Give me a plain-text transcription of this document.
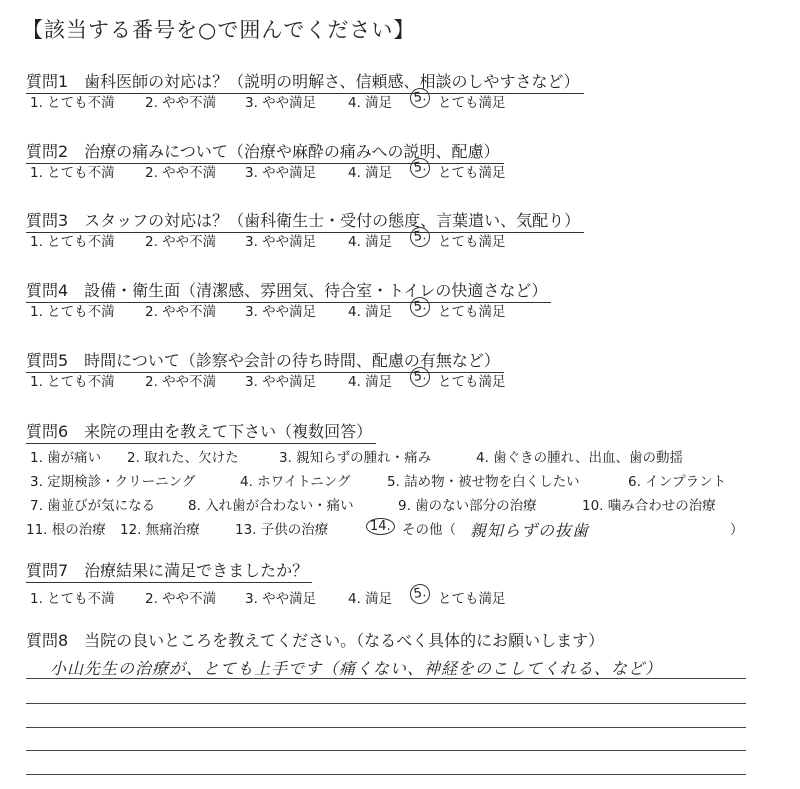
【該当する番号を○で囲んでください】
質問1　歯科医師の対応は？（説明の明解さ、信頼感、相談のしやすさなど）
1. とても不満 2. やや不満 3. やや満足 4. 満足	5. とても満足
質問2　治療の痛みについて（治療や麻酔の痛みへの説明、配慮）
1. とても不満 2. やや不満 3. やや満足 4. 満足	5. とても満足
質問3　スタッフの対応は？（歯科衛生士・受付の態度、言葉遣い、気配り）
1. とても不満 2. やや不満 3. やや満足 4. 満足	5. とても満足
質問4　設備・衛生面（清潔感、雰囲気、待合室・トイレの快適さなど）
1. とても不満 2. やや不満 3. やや満足 4. 満足	5. とても満足
質問5　時間について（診察や会計の待ち時間、配慮の有無など）
1. とても不満 2. やや不満 3. やや満足 4. 満足	5. とても満足
質問6　来院の理由を教えて下さい（複数回答）
1. 歯が痛い 2. 取れた、欠けた	3. 親知らずの腫れ・痛み	4. 歯ぐきの腫れ、出血、歯の動揺
3. 定期検診・クリーニング	4. ホワイトニング	5. 詰め物・被せ物を白くしたい	6. インプラント
7. 歯並びが気になる 8. 入れ歯が合わない・痛い	9. 歯のない部分の治療	10. 噛み合わせの治療
11. 根の治療 12. 無痛治療	13. 子供の治療	14. その他（ 親知らずの抜歯	）
質問7　治療結果に満足できましたか？
1. とても不満 2. やや不満 3. やや満足 4. 満足	5. とても満足
質問8　当院の良いところを教えてください。（なるべく具体的にお願いします）
小山先生の治療が、とても上手です（痛くない、神経をのこしてくれる、など）
